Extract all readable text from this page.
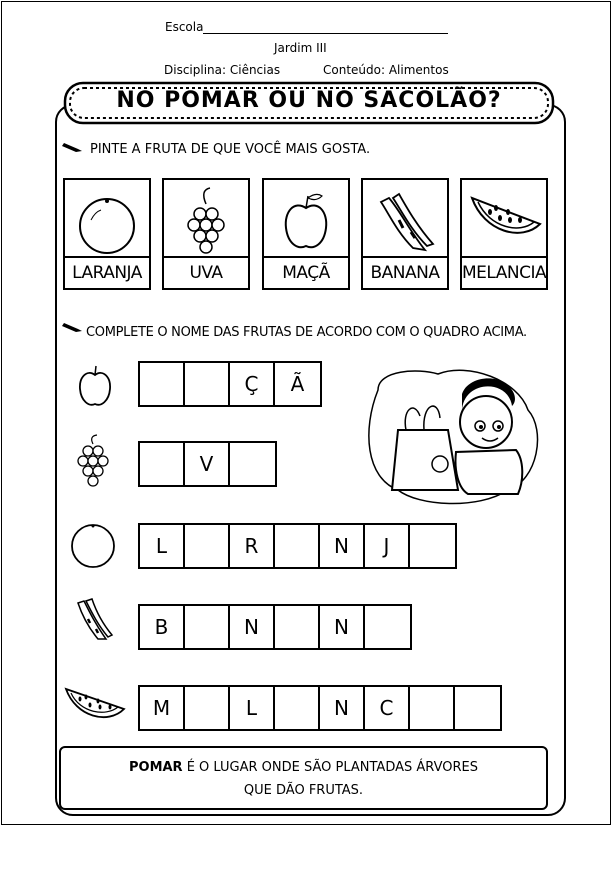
Escola
Jardim III
Disciplina: Ciências	Conteúdo: Alimentos
NO POMAR OU NO SACOLÃO?
PINTE A FRUTA DE QUE VOCÊ MAIS GOSTA.
LARANJA	UVA	MAÇÃ	BANANA	MELANCIA
COMPLETE O NOME DAS FRUTAS DE ACORDO COM O QUADRO ACIMA.
Ç	Ã
V
L	R	N	J
B	N	N
M	L	N	C
POMAR É O LUGAR ONDE SÃO PLANTADAS ÁRVORES
QUE DÃO FRUTAS.
